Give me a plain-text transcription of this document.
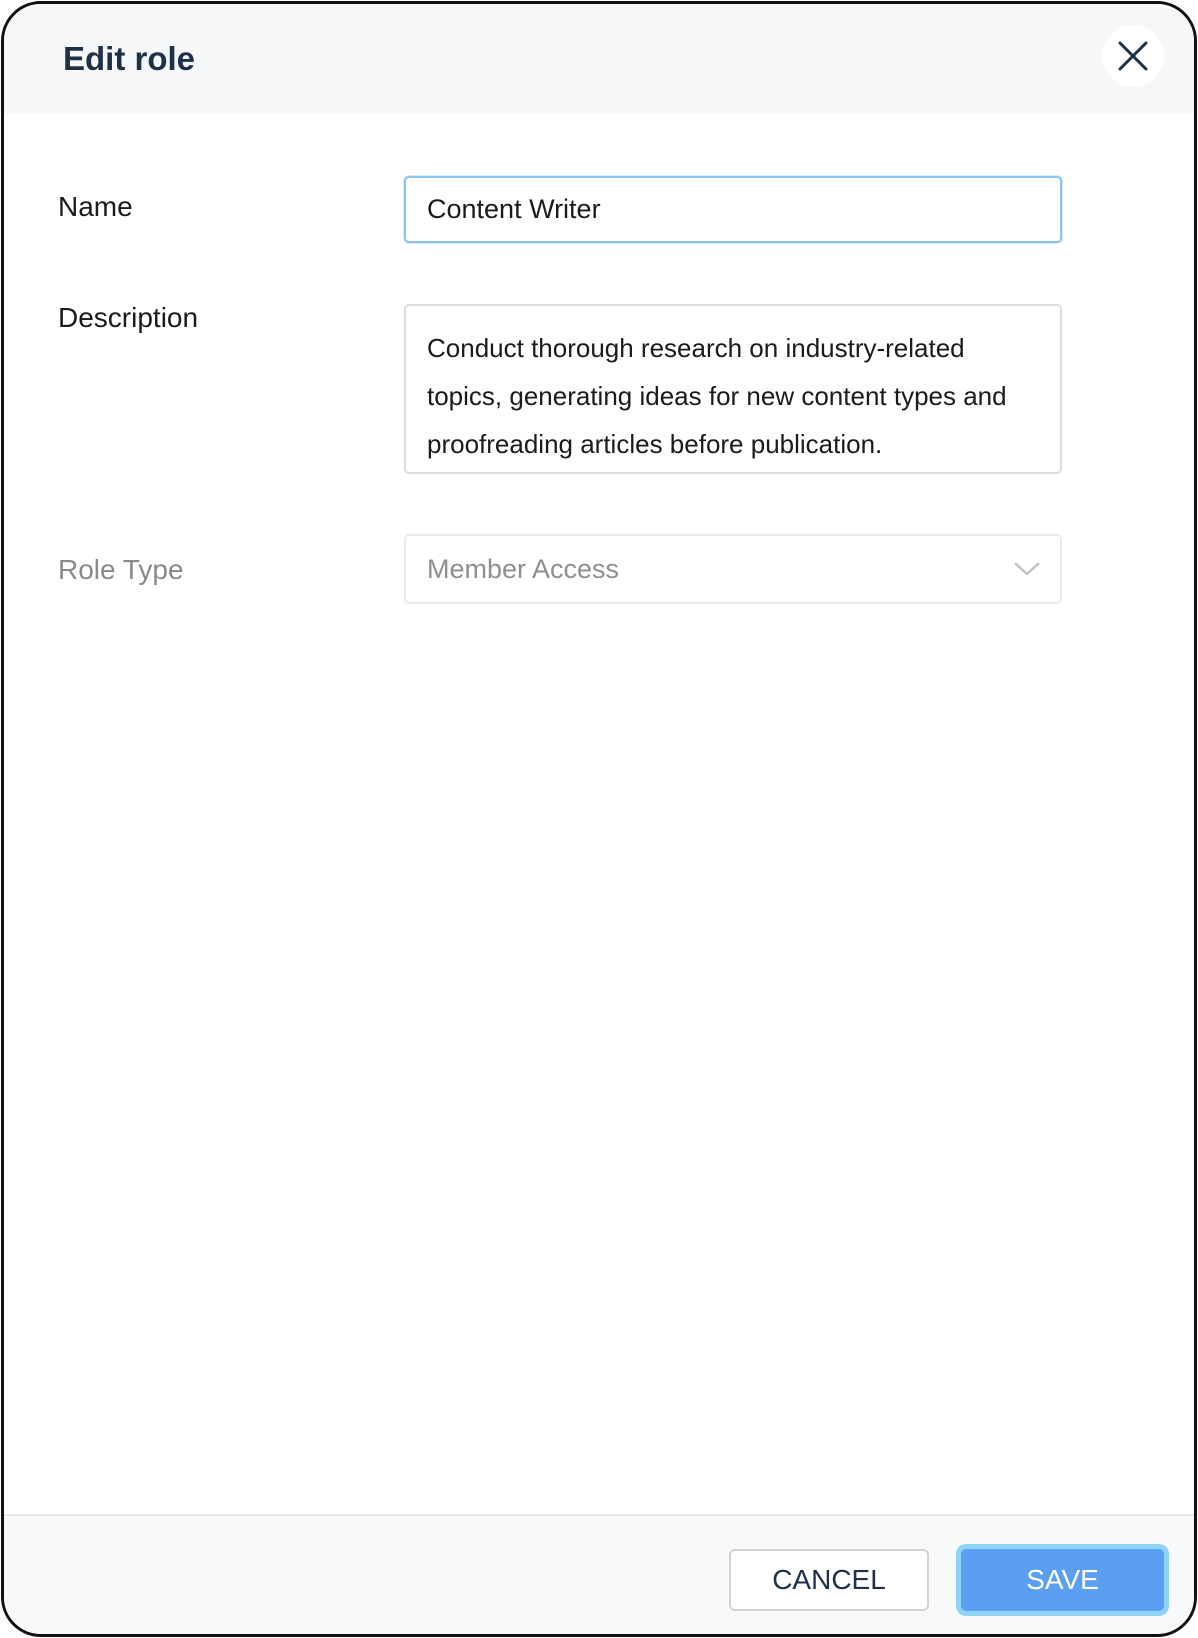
Edit role
Name
Content Writer
Description
Conduct thorough research on industry-related topics, generating ideas for new content types and proofreading articles before publication.
Role Type	Member Access
CANCEL	SAVE
